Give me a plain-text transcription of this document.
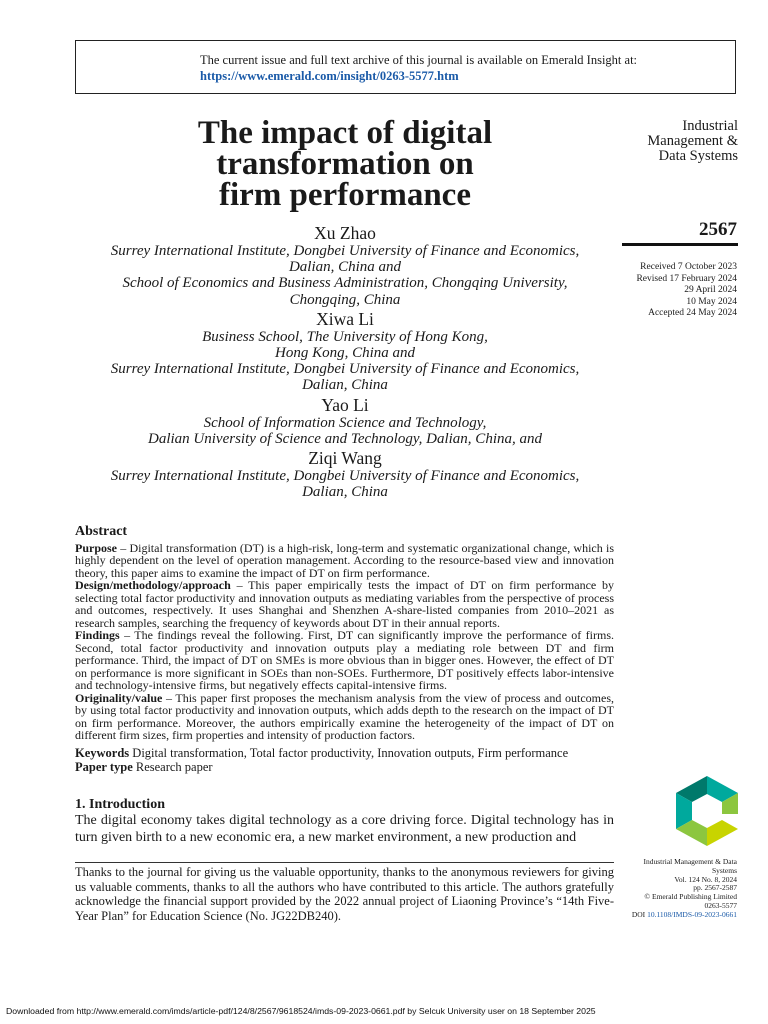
The current issue and full text archive of this journal is available on Emerald Insight at:
https://www.emerald.com/insight/0263-5577.htm
The impact of digital
transformation on
firm performance
Industrial
Management &
Data Systems
2567
Received 7 October 2023
Revised 17 February 2024
29 April 2024
10 May 2024
Accepted 24 May 2024
Xu Zhao
Surrey International Institute, Dongbei University of Finance and Economics,
Dalian, China and
School of Economics and Business Administration, Chongqing University,
Chongqing, China
Xiwa Li
Business School, The University of Hong Kong,
Hong Kong, China and
Surrey International Institute, Dongbei University of Finance and Economics,
Dalian, China
Yao Li
School of Information Science and Technology,
Dalian University of Science and Technology, Dalian, China, and
Ziqi Wang
Surrey International Institute, Dongbei University of Finance and Economics,
Dalian, China
Abstract

Purpose – Digital transformation (DT) is a high-risk, long-term and systematic organizational change, which is highly dependent on the level of operation management. According to the resource-based view and innovation theory, this paper aims to examine the impact of DT on firm performance.

Design/methodology/approach – This paper empirically tests the impact of DT on firm performance by selecting total factor productivity and innovation outputs as mediating variables from the perspective of process and outcomes, respectively. It uses Shanghai and Shenzhen A-share-listed companies from 2010–2021 as research samples, searching the frequency of keywords about DT in their annual reports.

Findings – The findings reveal the following. First, DT can significantly improve the performance of firms. Second, total factor productivity and innovation outputs play a mediating role between DT and firm performance. Third, the impact of DT on SMEs is more obvious than in bigger ones. However, the effect of DT on performance is more significant in SOEs than non-SOEs. Furthermore, DT positively effects labor-intensive and technology-intensive firms, but negatively effects capital-intensive firms.

Originality/value – This paper first proposes the mechanism analysis from the view of process and outcomes, by using total factor productivity and innovation outputs, which adds depth to the research on the impact of DT on firm performance. Moreover, the authors empirically examine the heterogeneity of the impact of DT on different firm sizes, firm properties and intensity of production factors.

Keywords Digital transformation, Total factor productivity, Innovation outputs, Firm performance

Paper type Research paper

1. Introduction
The digital economy takes digital technology as a core driving force. Digital technology has in turn given birth to a new economic era, a new market environment, a new production and
Thanks to the journal for giving us the valuable opportunity, thanks to the anonymous reviewers for giving us valuable comments, thanks to all the authors who have contributed to this article. The authors gratefully acknowledge the financial support provided by the 2022 annual project of Liaoning Province’s “14th Five-Year Plan” for Education Science (No. JG22DB240).
Industrial Management & Data
Systems
Vol. 124 No. 8, 2024
pp. 2567-2587
© Emerald Publishing Limited
0263-5577
DOI 10.1108/IMDS-09-2023-0661
Downloaded from http://www.emerald.com/imds/article-pdf/124/8/2567/9618524/imds-09-2023-0661.pdf by Selcuk University user on 18 September 2025
